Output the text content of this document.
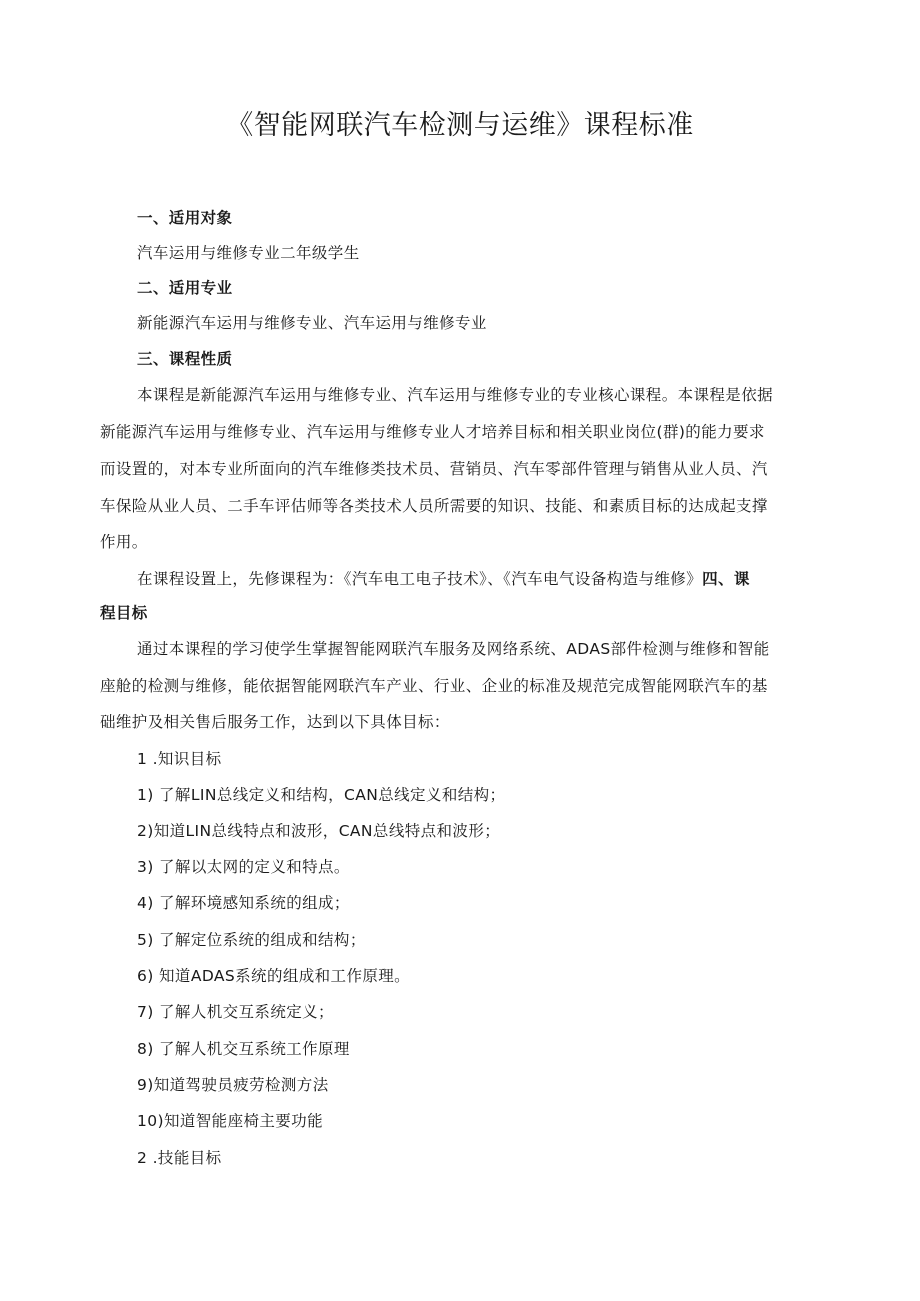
《智能网联汽车检测与运维》课程标准
一、适用对象
汽车运用与维修专业二年级学生
二、适用专业
新能源汽车运用与维修专业、汽车运用与维修专业
三、课程性质
本课程是新能源汽车运用与维修专业、汽车运用与维修专业的专业核心课程。本课程是依据
新能源汽车运用与维修专业、汽车运用与维修专业人才培养目标和相关职业岗位(群)的能力要求
而设置的，对本专业所面向的汽车维修类技术员、营销员、汽车零部件管理与销售从业人员、汽
车保险从业人员、二手车评估师等各类技术人员所需要的知识、技能、和素质目标的达成起支撑
作用。
在课程设置上，先修课程为：《汽车电工电子技术》、《汽车电气设备构造与维修》四、课
程目标
通过本课程的学习使学生掌握智能网联汽车服务及网络系统、ADAS部件检测与维修和智能
座舱的检测与维修，能依据智能网联汽车产业、行业、企业的标准及规范完成智能网联汽车的基
础维护及相关售后服务工作，达到以下具体目标：
1 .知识目标
1) 了解LIN总线定义和结构，CAN总线定义和结构；
2)知道LIN总线特点和波形，CAN总线特点和波形；
3) 了解以太网的定义和特点。
4) 了解环境感知系统的组成；
5) 了解定位系统的组成和结构；
6) 知道ADAS系统的组成和工作原理。
7) 了解人机交互系统定义；
8) 了解人机交互系统工作原理
9)知道驾驶员疲劳检测方法
10)知道智能座椅主要功能
2 .技能目标
